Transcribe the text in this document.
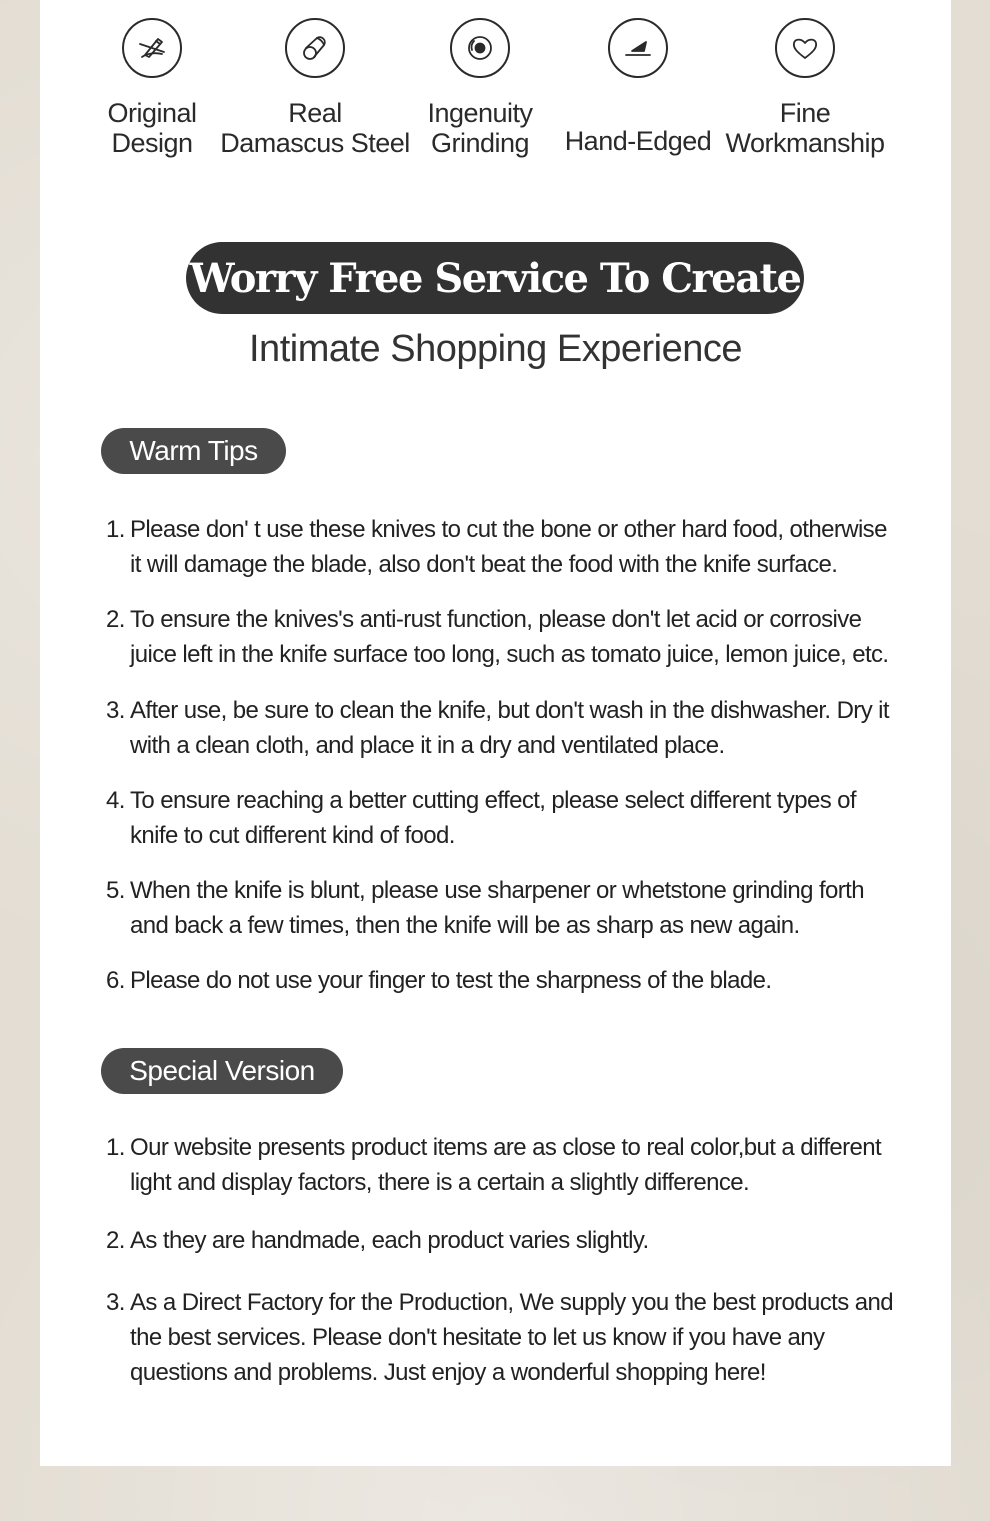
Original
Design
Real
Damascus Steel
Ingenuity
Grinding	Hand-Edged
Fine
Workmanship
Worry Free Service To Create
Intimate Shopping Experience
Warm Tips
1. Please don' t use these knives to cut the bone or other hard food, otherwise it will damage the blade, also don't beat the food with the knife surface.
2. To ensure the knives's anti-rust function, please don't let acid or corrosive juice left in the knife surface too long, such as tomato juice, lemon juice, etc.
3. After use, be sure to clean the knife, but don't wash in the dishwasher. Dry it with a clean cloth, and place it in a dry and ventilated place.
4. To ensure reaching a better cutting effect, please select different types of knife to cut different kind of food.
5. When the knife is blunt, please use sharpener or whetstone grinding forth and back a few times, then the knife will be as sharp as new again.
6. Please do not use your finger to test the sharpness of the blade.
Special Version
1. Our website presents product items are as close to real color,but a different light and display factors, there is a certain a slightly difference.
2. As they are handmade, each product varies slightly.
3. As a Direct Factory for the Production, We supply you the best products and the best services. Please don't hesitate to let us know if you have any questions and problems. Just enjoy a wonderful shopping here!
